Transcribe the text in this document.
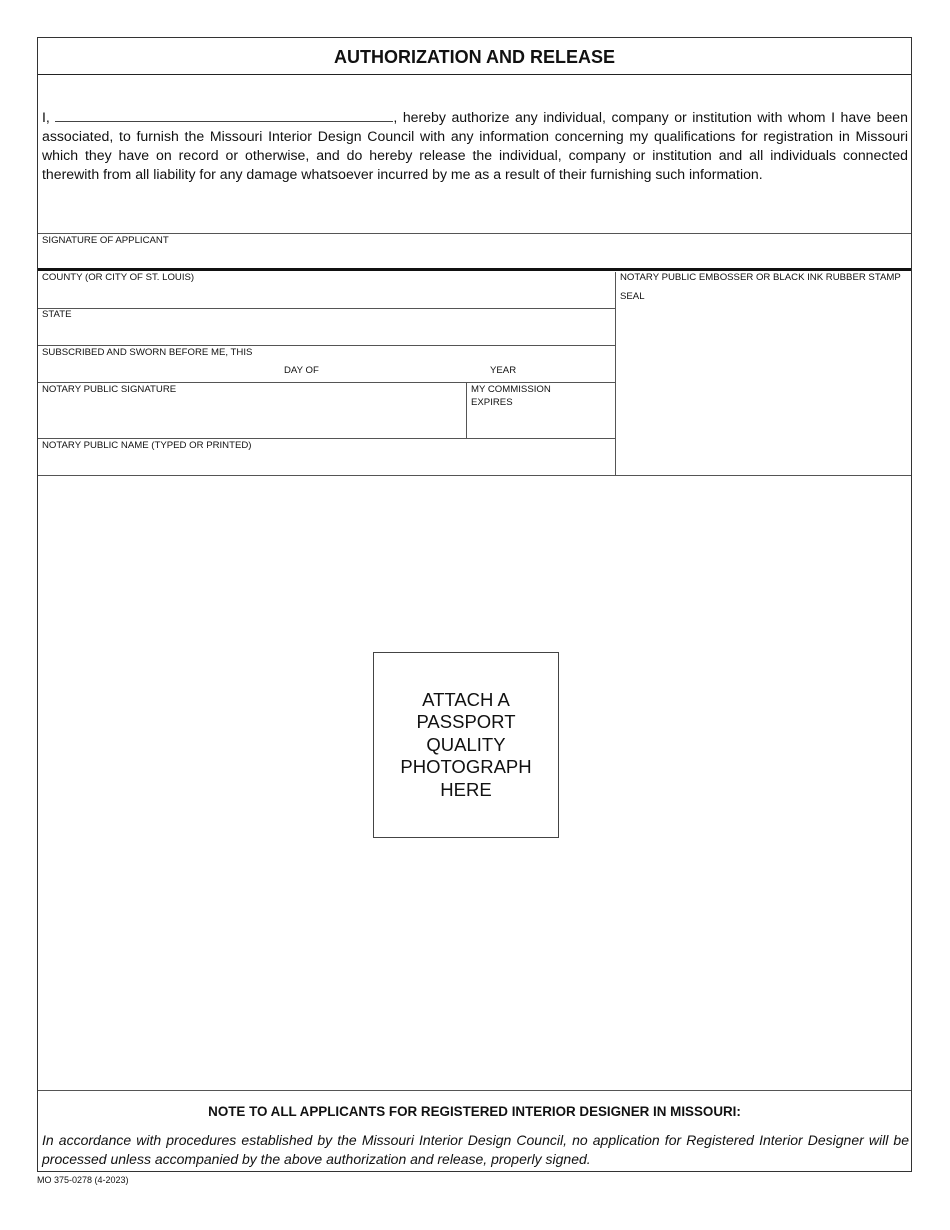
AUTHORIZATION AND RELEASE
I,	, hereby authorize any individual, company or institution with whom I have been associated, to furnish the Missouri Interior Design Council with any information concerning my qualifications for registration in Missouri which they have on record or otherwise, and do hereby release the individual, company or institution and all individuals connected therewith from all liability for any damage whatsoever incurred by me as a result of their furnishing such information.
SIGNATURE OF APPLICANT
COUNTY (OR CITY OF ST. LOUIS)	NOTARY PUBLIC EMBOSSER OR BLACK INK RUBBER STAMP
SEAL
STATE
SUBSCRIBED AND SWORN BEFORE ME, THIS
DAY OF	YEAR
NOTARY PUBLIC SIGNATURE	MY COMMISSION
EXPIRES
NOTARY PUBLIC NAME (TYPED OR PRINTED)
ATTACH A PASSPORT QUALITY PHOTOGRAPH HERE
NOTE TO ALL APPLICANTS FOR REGISTERED INTERIOR DESIGNER IN MISSOURI:
In accordance with procedures established by the Missouri Interior Design Council, no application for Registered Interior Designer will be processed unless accompanied by the above authorization and release, properly signed.
MO 375-0278 (4-2023)
